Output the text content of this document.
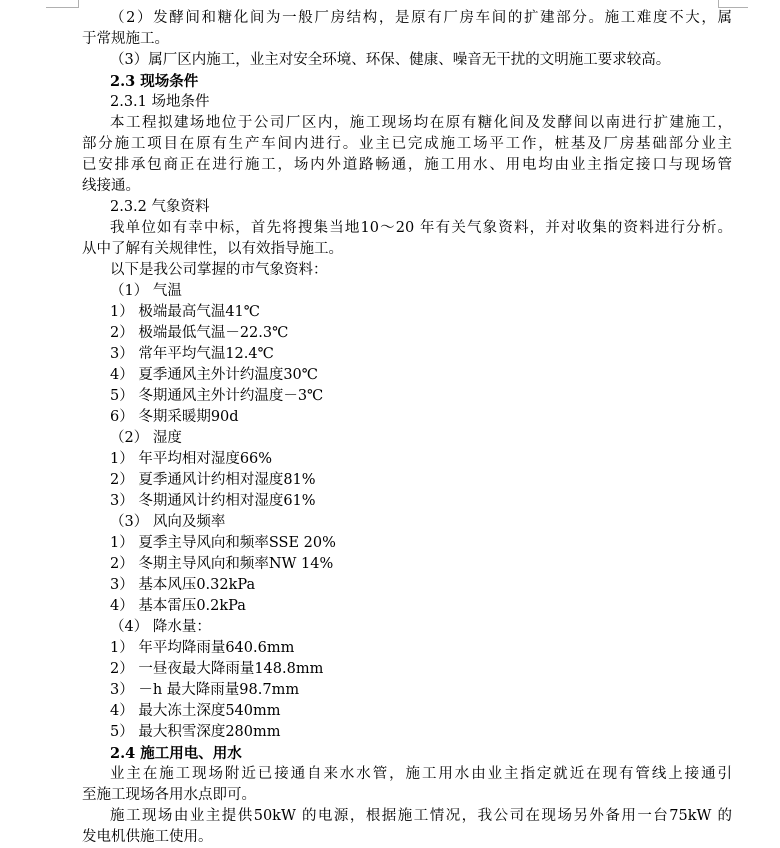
（2）发酵间和糖化间为一般厂房结构，是原有厂房车间的扩建部分。施工难度不大，属
于常规施工。
（3）属厂区内施工，业主对安全环境、环保、健康、噪音无干扰的文明施工要求较高。
2.3 现场条件
2.3.1 场地条件
本工程拟建场地位于公司厂区内，施工现场均在原有糖化间及发酵间以南进行扩建施工，
部分施工项目在原有生产车间内进行。业主已完成施工场平工作，桩基及厂房基础部分业主
已安排承包商正在进行施工，场内外道路畅通，施工用水、用电均由业主指定接口与现场管
线接通。
2.3.2 气象资料
我单位如有幸中标，首先将搜集当地10～20 年有关气象资料，并对收集的资料进行分析。
从中了解有关规律性，以有效指导施工。
以下是我公司掌握的市气象资料：
（1） 气温
1） 极端最高气温41℃
2） 极端最低气温－22.3℃
3） 常年平均气温12.4℃
4） 夏季通风主外计约温度30℃
5） 冬期通风主外计约温度－3℃
6） 冬期采暖期90d
（2） 湿度
1） 年平均相对湿度66%
2） 夏季通风计约相对湿度81%
3） 冬期通风计约相对湿度61%
（3） 风向及频率
1） 夏季主导风向和频率SSE 20%
2） 冬期主导风向和频率NW 14%
3） 基本风压0.32kPa
4） 基本雷压0.2kPa
（4） 降水量：
1） 年平均降雨量640.6mm
2） 一昼夜最大降雨量148.8mm
3） －h 最大降雨量98.7mm
4） 最大冻土深度540mm
5） 最大积雪深度280mm
2.4 施工用电、用水
业主在施工现场附近已接通自来水水管，施工用水由业主指定就近在现有管线上接通引
至施工现场各用水点即可。
施工现场由业主提供50kW 的电源，根据施工情况，我公司在现场另外备用一台75kW 的
发电机供施工使用。
